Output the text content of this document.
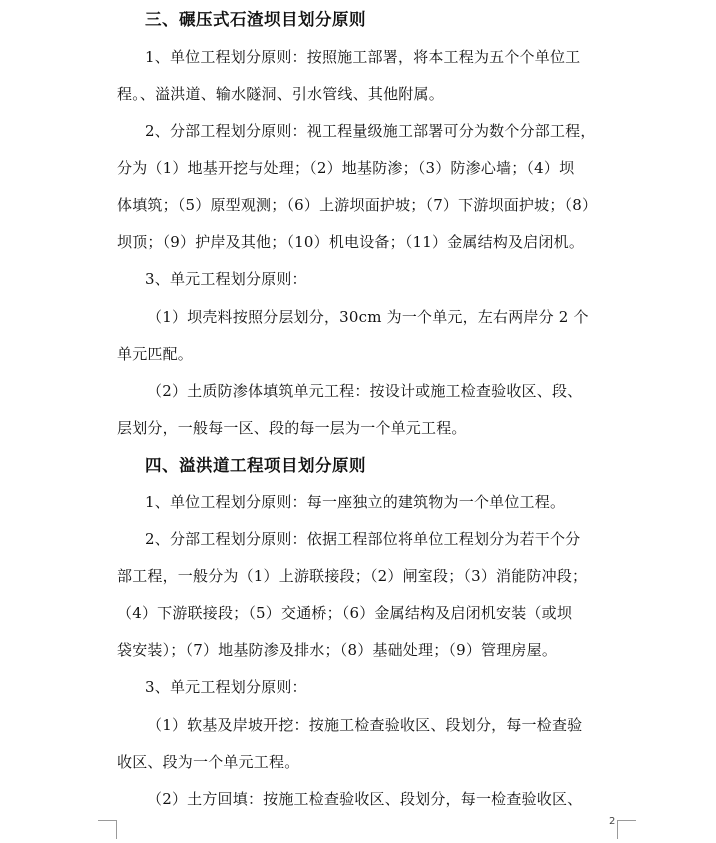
三、碾压式石渣坝目划分原则
1、单位工程划分原则：按照施工部署，将本工程为五个个单位工
程。、溢洪道、输水隧洞、引水管线、其他附属。
2、分部工程划分原则：视工程量级施工部署可分为数个分部工程，
分为（1）地基开挖与处理；（2）地基防渗；（3）防渗心墙；（4）坝
体填筑；（5）原型观测；（6）上游坝面护坡；（7）下游坝面护坡；（8）
坝顶；（9）护岸及其他；（10）机电设备；（11）金属结构及启闭机。
3、单元工程划分原则：
（1）坝壳料按照分层划分，30cm 为一个单元，左右两岸分 2 个
单元匹配。
（2）土质防渗体填筑单元工程：按设计或施工检查验收区、段、
层划分，一般每一区、段的每一层为一个单元工程。
四、溢洪道工程项目划分原则
1、单位工程划分原则：每一座独立的建筑物为一个单位工程。
2、分部工程划分原则：依据工程部位将单位工程划分为若干个分
部工程，一般分为（1）上游联接段；（2）闸室段；（3）消能防冲段；
（4）下游联接段；（5）交通桥；（6）金属结构及启闭机安装（或坝
袋安装）；（7）地基防渗及排水；（8）基础处理；（9）管理房屋。
3、单元工程划分原则：
（1）软基及岸坡开挖：按施工检查验收区、段划分，每一检查验
收区、段为一个单元工程。
（2）土方回填：按施工检查验收区、段划分，每一检查验收区、
2
